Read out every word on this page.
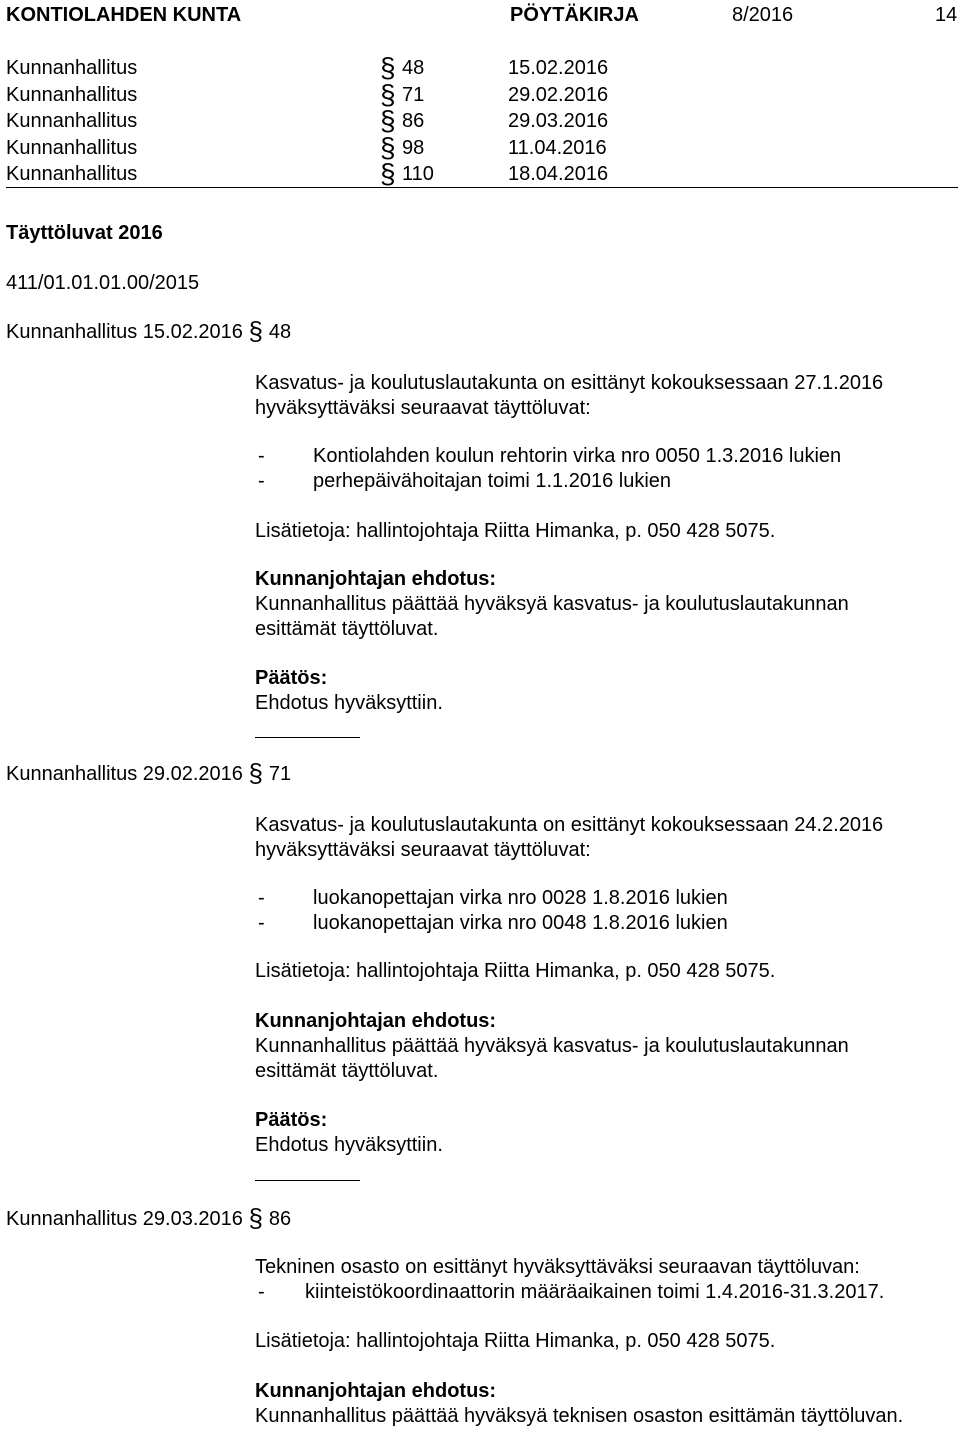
KONTIOLAHDEN KUNTA	PÖYTÄKIRJA	8/2016	14
Kunnanhallitus	§ 48	15.02.2016
Kunnanhallitus	§ 71	29.02.2016
Kunnanhallitus	§ 86	29.03.2016
Kunnanhallitus	§ 98	11.04.2016
Kunnanhallitus	§ 110	18.04.2016
Täyttöluvat 2016
411/01.01.01.00/2015
Kunnanhallitus 15.02.2016 § 48
Kasvatus- ja koulutuslautakunta on esittänyt kokouksessaan 27.1.2016
hyväksyttäväksi seuraavat täyttöluvat:
- Kontiolahden koulun rehtorin virka nro 0050 1.3.2016 lukien
- perhepäivähoitajan toimi 1.1.2016 lukien
Lisätietoja: hallintojohtaja Riitta Himanka, p. 050 428 5075.
Kunnanjohtajan ehdotus:
Kunnanhallitus päättää hyväksyä kasvatus- ja koulutuslautakunnan
esittämät täyttöluvat.
Päätös:
Ehdotus hyväksyttiin.
Kunnanhallitus 29.02.2016 § 71
Kasvatus- ja koulutuslautakunta on esittänyt kokouksessaan 24.2.2016
hyväksyttäväksi seuraavat täyttöluvat:
- luokanopettajan virka nro 0028 1.8.2016 lukien
- luokanopettajan virka nro 0048 1.8.2016 lukien
Lisätietoja: hallintojohtaja Riitta Himanka, p. 050 428 5075.
Kunnanjohtajan ehdotus:
Kunnanhallitus päättää hyväksyä kasvatus- ja koulutuslautakunnan
esittämät täyttöluvat.
Päätös:
Ehdotus hyväksyttiin.
Kunnanhallitus 29.03.2016 § 86
Tekninen osasto on esittänyt hyväksyttäväksi seuraavan täyttöluvan:
- kiinteistökoordinaattorin määräaikainen toimi 1.4.2016-31.3.2017.
Lisätietoja: hallintojohtaja Riitta Himanka, p. 050 428 5075.
Kunnanjohtajan ehdotus:
Kunnanhallitus päättää hyväksyä teknisen osaston esittämän täyttöluvan.
